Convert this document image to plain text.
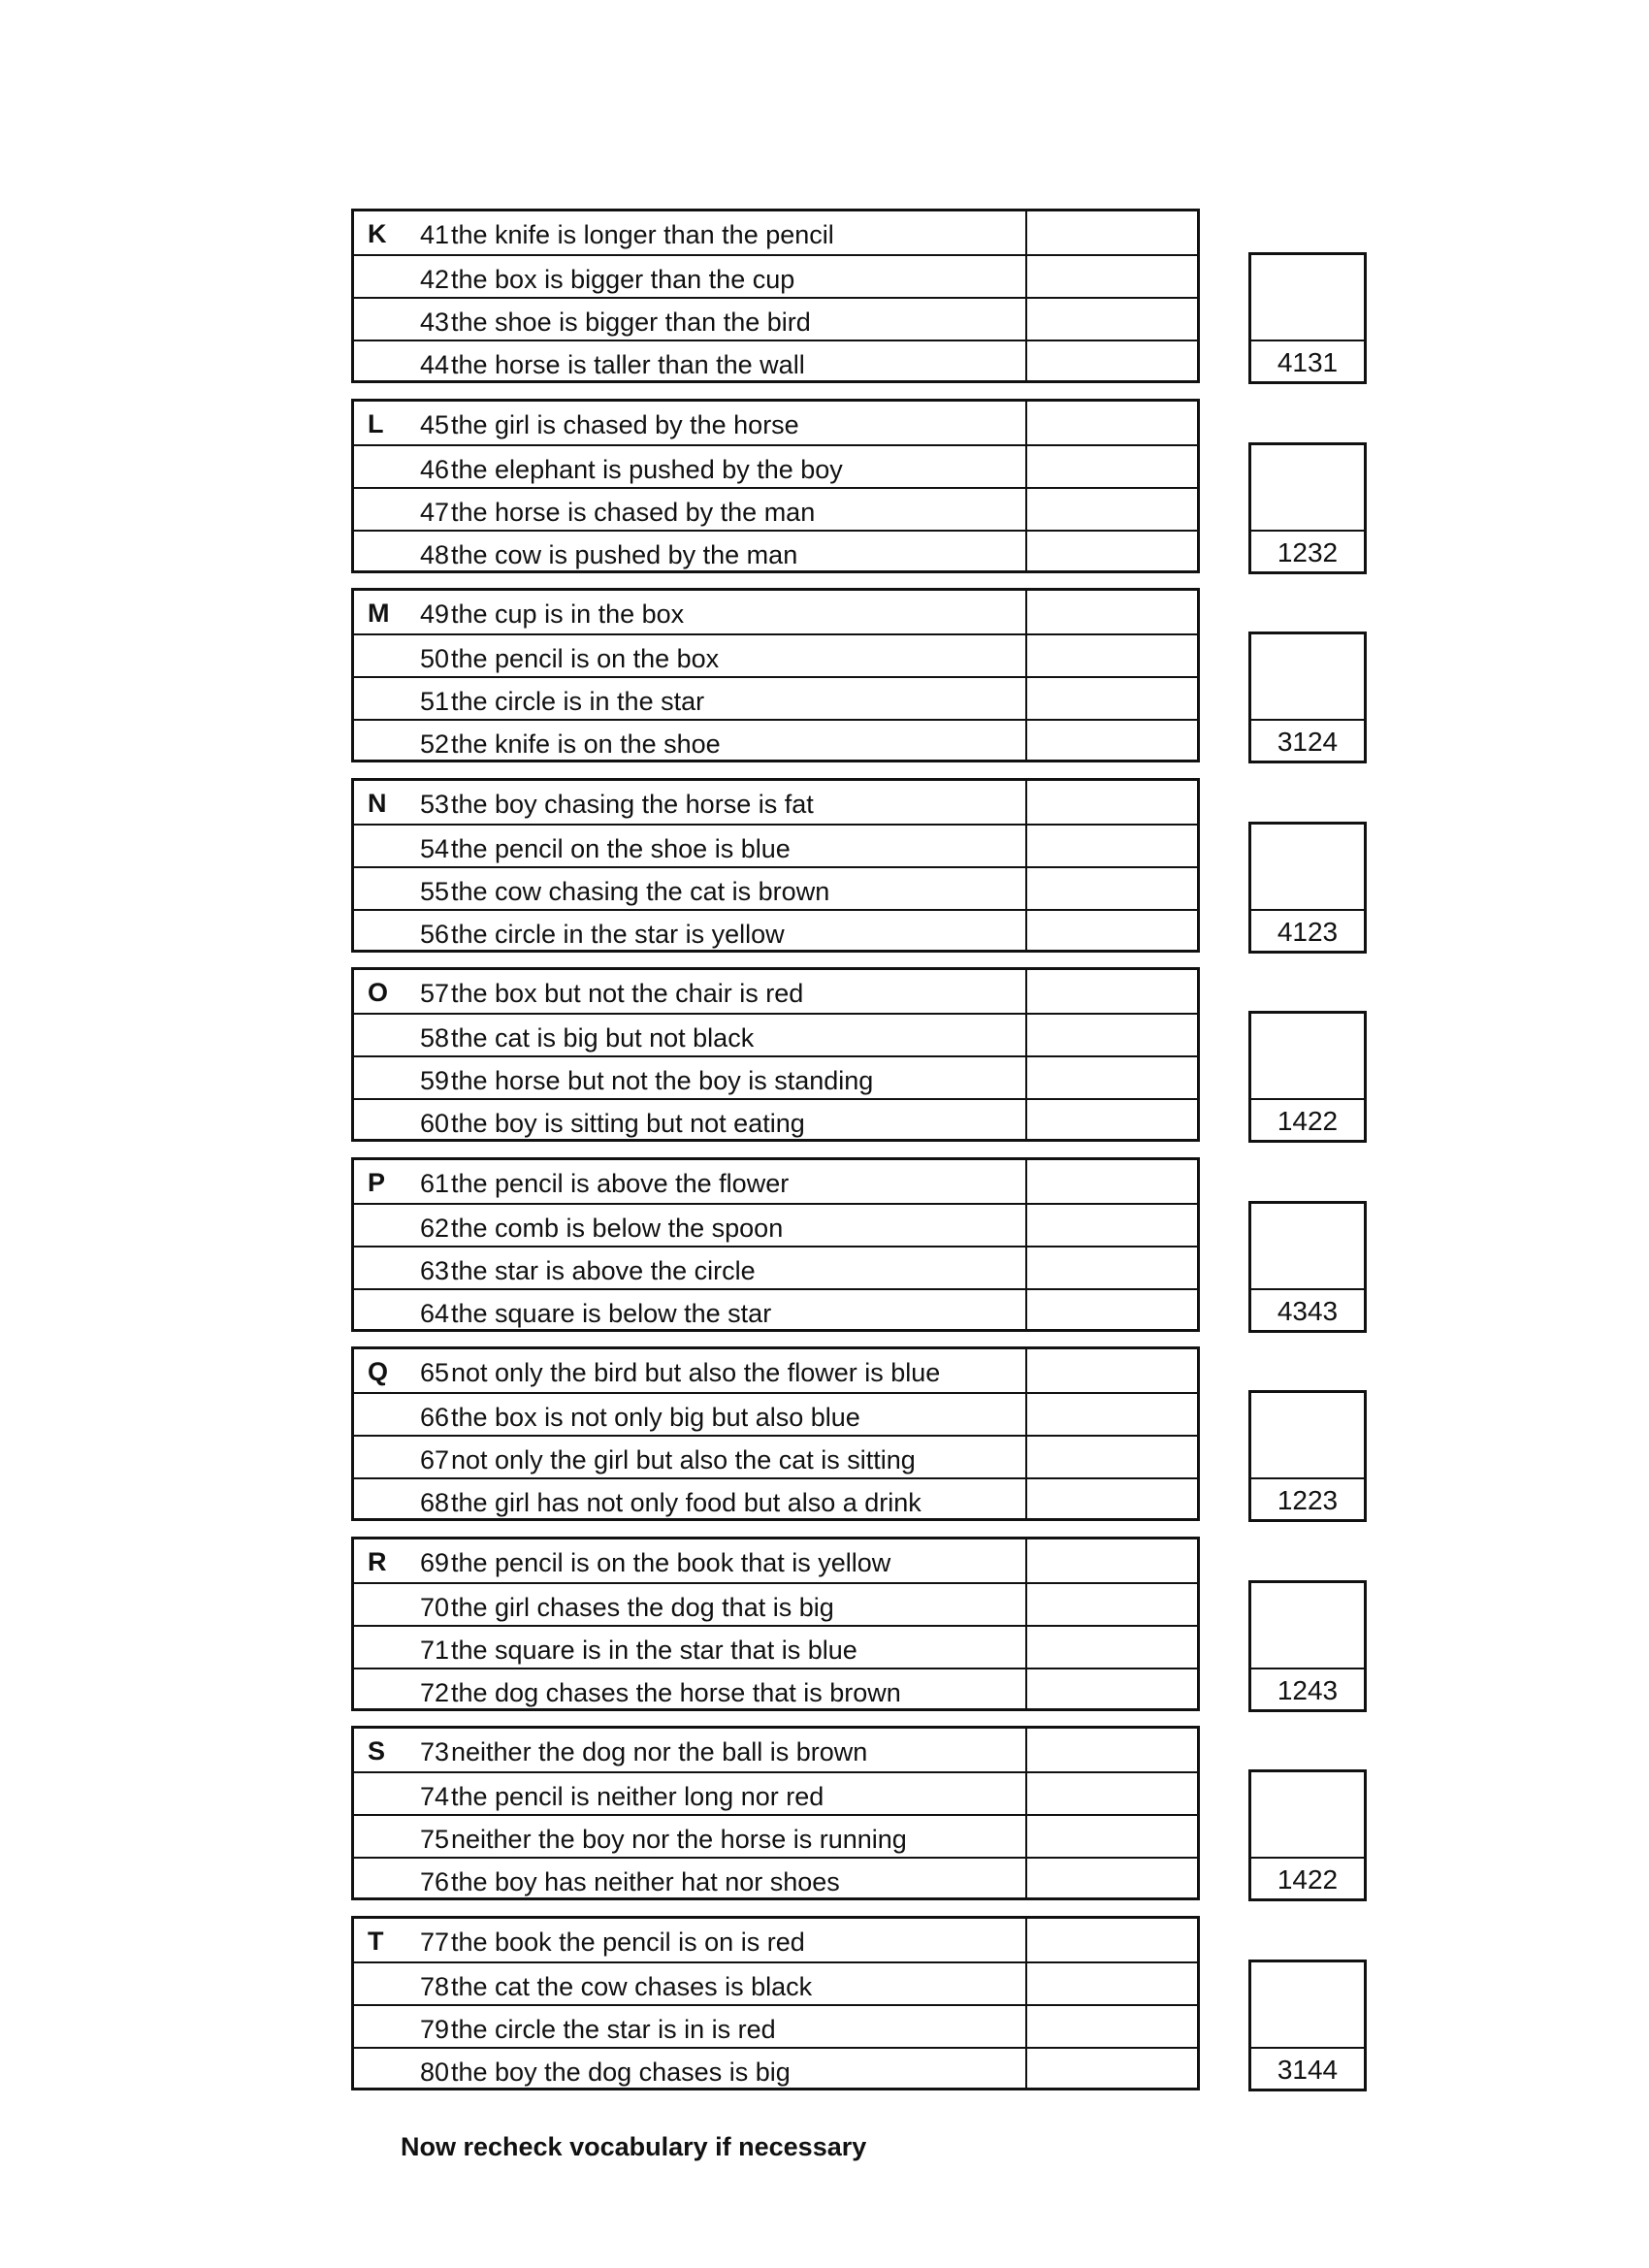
K	41 the knife is longer than the pencil
42 the box is bigger than the cup
43 the shoe is bigger than the bird
44 the horse is taller than the wall	4131
L	45 the girl is chased by the horse
46 the elephant is pushed by the boy
47 the horse is chased by the man
48 the cow is pushed by the man	1232
M	49 the cup is in the box
50 the pencil is on the box
51 the circle is in the star
52 the knife is on the shoe	3124
N	53 the boy chasing the horse is fat
54 the pencil on the shoe is blue
55 the cow chasing the cat is brown
56 the circle in the star is yellow	4123
O	57 the box but not the chair is red
58 the cat is big but not black
59 the horse but not the boy is standing
60 the boy is sitting but not eating	1422
P	61 the pencil is above the flower
62 the comb is below the spoon
63 the star is above the circle
64 the square is below the star	4343
Q	65 not only the bird but also the flower is blue
66 the box is not only big but also blue
67 not only the girl but also the cat is sitting
68 the girl has not only food but also a drink	1223
R	69 the pencil is on the book that is yellow
70 the girl chases the dog that is big
71 the square is in the star that is blue
72 the dog chases the horse that is brown	1243
S	73 neither the dog nor the ball is brown
74 the pencil is neither long nor red
75 neither the boy nor the horse is running
76 the boy has neither hat nor shoes	1422
T	77 the book the pencil is on is red
78 the cat the cow chases is black
79 the circle the star is in is red
80 the boy the dog chases is big	3144
Now recheck vocabulary if necessary
